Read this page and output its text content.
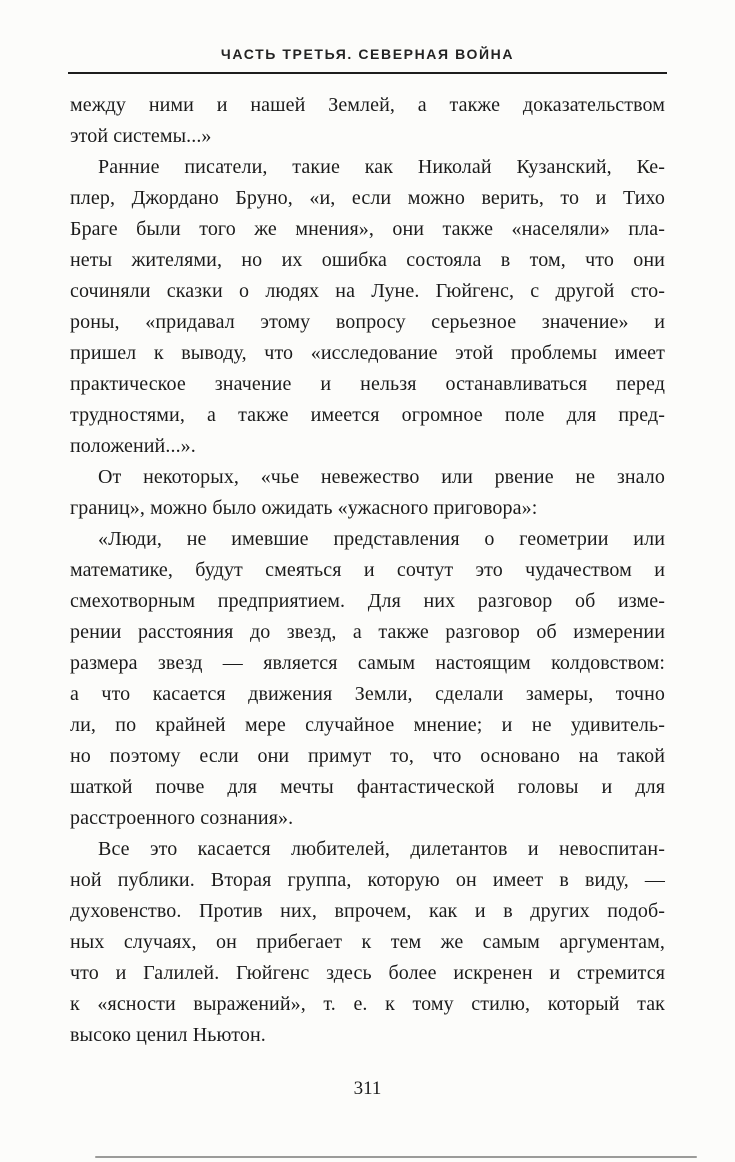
ЧАСТЬ ТРЕТЬЯ. СЕВЕРНАЯ ВОЙНА
между ними и нашей Землей, а также доказательством
этой системы...»
Ранние писатели, такие как Николай Кузанский, Ке-
плер, Джордано Бруно, «и, если можно верить, то и Тихо
Браге были того же мнения», они также «населяли» пла-
неты жителями, но их ошибка состояла в том, что они
сочиняли сказки о людях на Луне. Гюйгенс, с другой сто-
роны, «придавал этому вопросу серьезное значение» и
пришел к выводу, что «исследование этой проблемы имеет
практическое значение и нельзя останавливаться перед
трудностями, а также имеется огромное поле для пред-
положений...».
От некоторых, «чье невежество или рвение не знало
границ», можно было ожидать «ужасного приговора»:
«Люди, не имевшие представления о геометрии или
математике, будут смеяться и сочтут это чудачеством и
смехотворным предприятием. Для них разговор об изме-
рении расстояния до звезд, а также разговор об измерении
размера звезд — является самым настоящим колдовством:
а что касается движения Земли, сделали замеры, точно
ли, по крайней мере случайное мнение; и не удивитель-
но поэтому если они примут то, что основано на такой
шаткой почве для мечты фантастической головы и для
расстроенного сознания».
Все это касается любителей, дилетантов и невоспитан-
ной публики. Вторая группа, которую он имеет в виду, —
духовенство. Против них, впрочем, как и в других подоб-
ных случаях, он прибегает к тем же самым аргументам,
что и Галилей. Гюйгенс здесь более искренен и стремится
к «ясности выражений», т. е. к тому стилю, который так
высоко ценил Ньютон.
311
